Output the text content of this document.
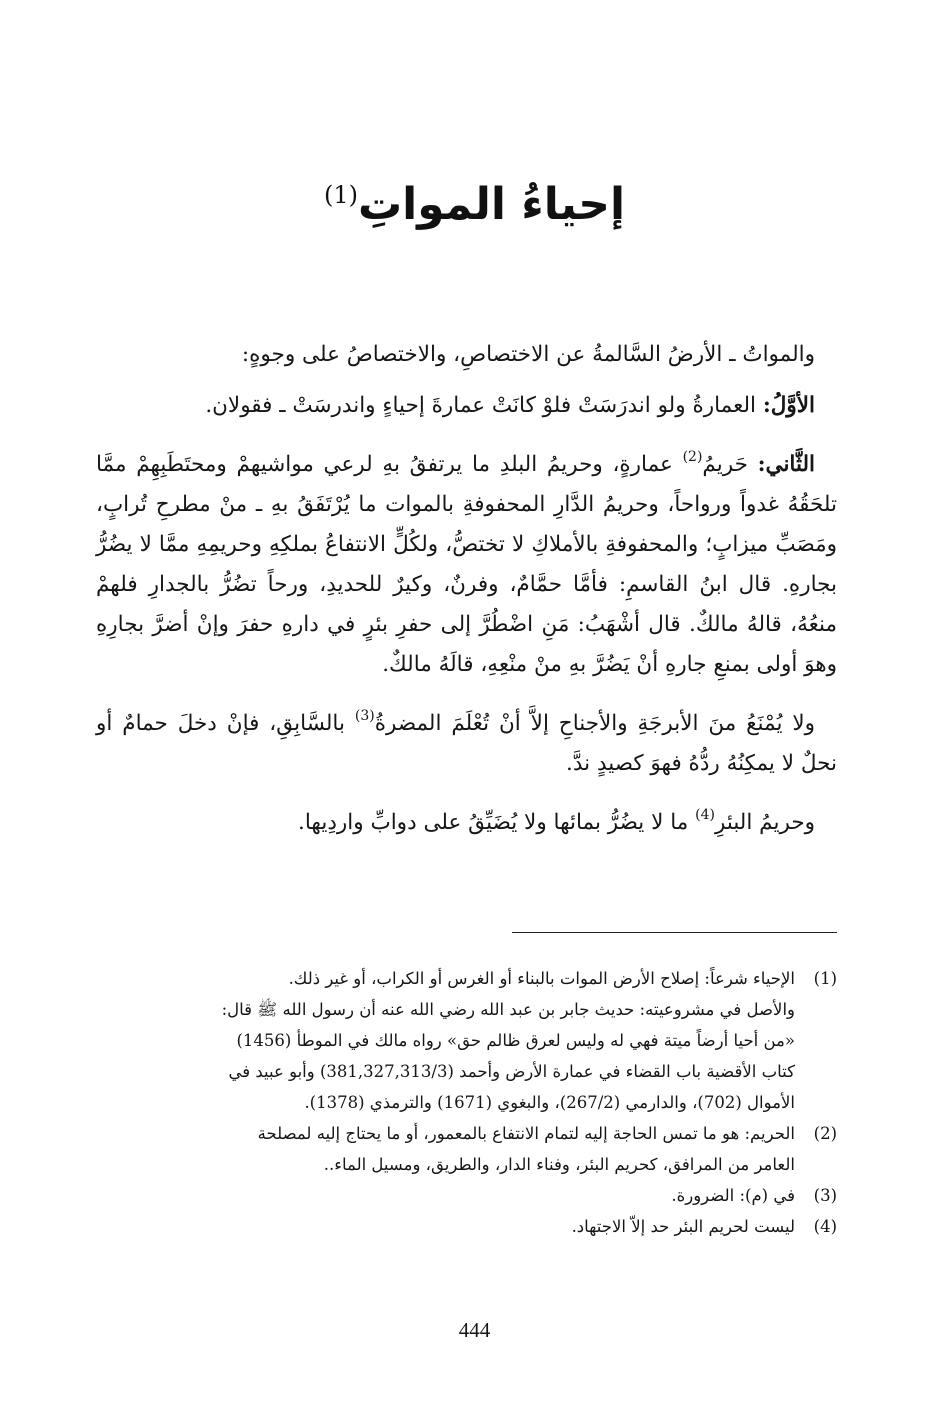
إحياءُ المواتِ$^{(1)}$

والمواتُ ـ الأرضُ السَّالمةُ عن الاختصاصِ، والاختصاصُ على وجوهٍ:

الأوَّلُ: العمارةُ ولو اندرَسَتْ فلوْ كانَتْ عمارةَ إحياءٍ واندرسَتْ ـ فقولان.

الثَّاني: حَريمُ$^{(2)}$ عمارةٍ، وحريمُ البلدِ ما يرتفقُ بهِ لرعي مواشيهمْ ومحتَطَبِهِمْ ممَّا تلحَقُهُ غدواً ورواحاً، وحريمُ الدَّارِ المحفوفةِ بالموات ما يُرْتَفَقُ بهِ ـ منْ مطرحِ تُرابٍ، ومَصَبِّ ميزابٍ؛ والمحفوفةِ بالأملاكِ لا تختصُّ، ولكُلٍّ الانتفاعُ بملكِهِ وحريمِهِ ممَّا لا يضُرُّ بجارهِ. قال ابنُ القاسمِ: فأمَّا حمَّامٌ، وفرنٌ، وكيرٌ للحديدِ، ورحاً تضُرُّ بالجدارِ فلهمْ منعُهُ، قالهُ مالكٌ. قال أشْهَبُ: مَنِ اضْطُرَّ إلى حفرِ بئرٍ في دارهِ حفرَ وإنْ أضرَّ بجارِهِ وهوَ أولى بمنعِ جارهِ أنْ يَضُرَّ بهِ منْ منْعِهِ، قالَهُ مالكٌ.

ولا يُمْنَعُ منَ الأبرجَةِ والأجناحِ إلاَّ أنْ تُعْلَمَ المضرةُ$^{(3)}$ بالسَّابِقِ، فإنْ دخلَ حمامٌ أو نحلٌ لا يمكِنُهُ ردُّهُ فهوَ كصيدٍ ندَّ.

وحريمُ البئرِ$^{(4)}$ ما لا يضُرُّ بمائها ولا يُضَيِّقُ على دوابِّ واردِيها.

(1)
الإحياء شرعاً: إصلاح الأرض الموات بالبناء أو الغرس أو الكراب، أو غير ذلك.
والأصل في مشروعيته: حديث جابر بن عبد الله رضي الله عنه أن رسول الله ﷺ قال:
«من أحيا أرضاً ميتة فهي له وليس لعرق ظالم حق» رواه مالك في الموطأ (1456)
كتاب الأقضية باب القضاء في عمارة الأرض وأحمد (381,327,313/3) وأبو عبيد في
الأموال (702)، والدارمي (267/2)، والبغوي (1671) والترمذي (1378).
(2)
الحريم: هو ما تمس الحاجة إليه لتمام الانتفاع بالمعمور، أو ما يحتاج إليه لمصلحة
العامر من المرافق، كحريم البئر، وفناء الدار، والطريق، ومسيل الماء..
(3)
في (م): الضرورة.
(4)
ليست لحريم البئر حد إلاّ الاجتهاد.
444
